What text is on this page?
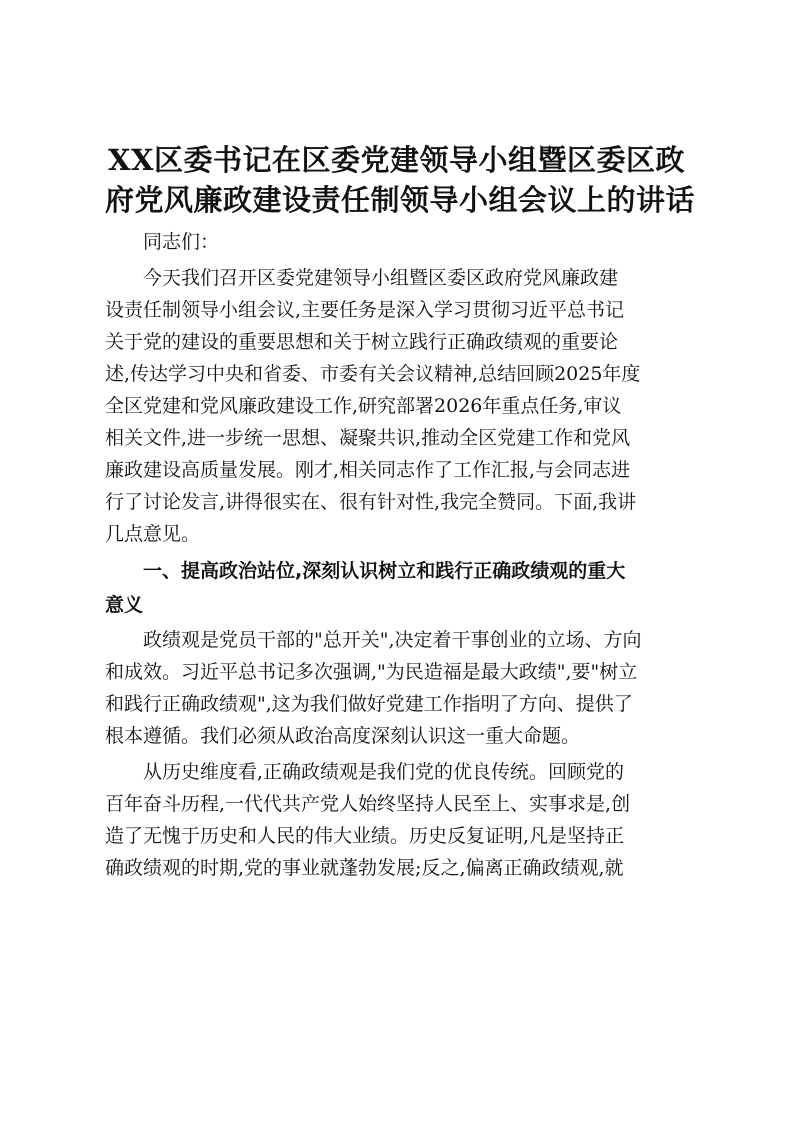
XX区委书记在区委党建领导小组暨区委区政
府党风廉政建设责任制领导小组会议上的讲话

同志们：

今天我们召开区委党建领导小组暨区委区政府党风廉政建
设责任制领导小组会议,主要任务是深入学习贯彻习近平总书记
关于党的建设的重要思想和关于树立践行正确政绩观的重要论
述,传达学习中央和省委、市委有关会议精神,总结回顾2025年度
全区党建和党风廉政建设工作,研究部署2026年重点任务,审议
相关文件,进一步统一思想、凝聚共识,推动全区党建工作和党风
廉政建设高质量发展。刚才,相关同志作了工作汇报,与会同志进
行了讨论发言,讲得很实在、很有针对性,我完全赞同。下面,我讲
几点意见。

一、提高政治站位,深刻认识树立和践行正确政绩观的重大
意义

政绩观是党员干部的"总开关",决定着干事创业的立场、方向
和成效。习近平总书记多次强调,"为民造福是最大政绩",要"树立
和践行正确政绩观",这为我们做好党建工作指明了方向、提供了
根本遵循。我们必须从政治高度深刻认识这一重大命题。

从历史维度看,正确政绩观是我们党的优良传统。回顾党的
百年奋斗历程,一代代共产党人始终坚持人民至上、实事求是,创
造了无愧于历史和人民的伟大业绩。历史反复证明,凡是坚持正
确政绩观的时期,党的事业就蓬勃发展;反之,偏离正确政绩观,就
